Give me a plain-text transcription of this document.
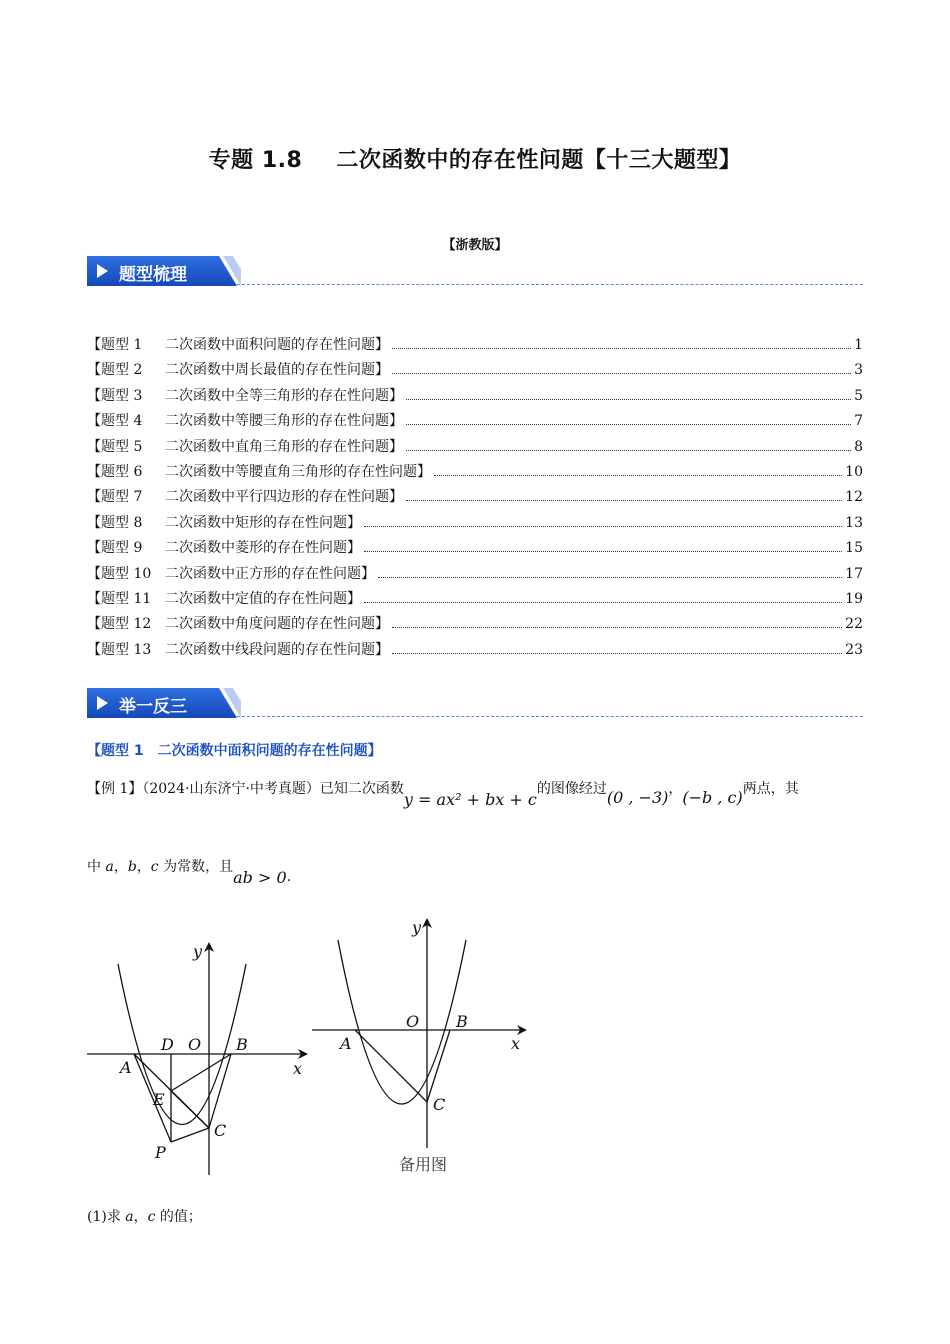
专题 1.8 二次函数中的存在性问题【十三大题型】
【浙教版】
题型梳理
【题型 1	二次函数中面积问题的存在性问题】	1
【题型 2	二次函数中周长最值的存在性问题】	3
【题型 3	二次函数中全等三角形的存在性问题】	5
【题型 4	二次函数中等腰三角形的存在性问题】	7
【题型 5	二次函数中直角三角形的存在性问题】	8
【题型 6	二次函数中等腰直角三角形的存在性问题】	10
【题型 7	二次函数中平行四边形的存在性问题】	12
【题型 8	二次函数中矩形的存在性问题】	13
【题型 9	二次函数中菱形的存在性问题】	15
【题型 10 二次函数中正方形的存在性问题】	17
【题型 11 二次函数中定值的存在性问题】	19
【题型 12 二次函数中角度问题的存在性问题】	22
【题型 13 二次函数中线段问题的存在性问题】	23
举一反三
【题型 1 二次函数中面积问题的存在性问题】
【例 1】（2024·山东济宁·中考真题）已知二次函数y = ax² + bx + c的图像经过(0 , −3)，(−b , c)两点，其
中 a，b，c 为常数，且ab > 0.
y
x
A
B
C
D
E
O
P
y
x
A
B
C
O
备用图
(1)求 a，c 的值；
